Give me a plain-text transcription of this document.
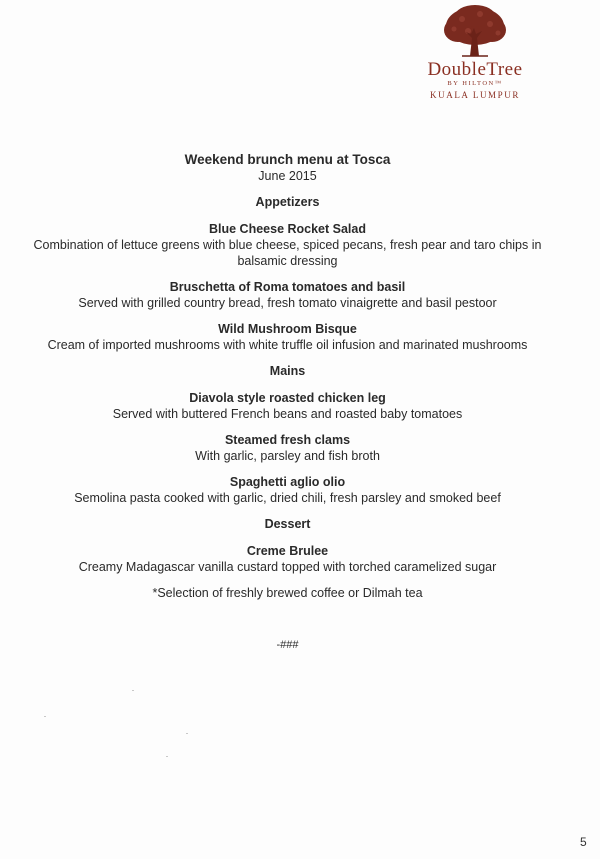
DoubleTree
BY HILTON™
KUALA LUMPUR
Weekend brunch menu at Tosca
June 2015
Appetizers
Blue Cheese Rocket Salad
Combination of lettuce greens with blue cheese, spiced pecans, fresh pear and taro chips in balsamic dressing
Bruschetta of Roma tomatoes and basil
Served with grilled country bread, fresh tomato vinaigrette and basil pestoor
Wild Mushroom Bisque
Cream of imported mushrooms with white truffle oil infusion and marinated mushrooms
Mains
Diavola style roasted chicken leg
Served with buttered French beans and roasted baby tomatoes
Steamed fresh clams
With garlic, parsley and fish broth
Spaghetti aglio olio
Semolina pasta cooked with garlic, dried chili, fresh parsley and smoked beef
Dessert
Creme Brulee
Creamy Madagascar vanilla custard topped with torched caramelized sugar
*Selection of freshly brewed coffee or Dilmah tea
-###
5
